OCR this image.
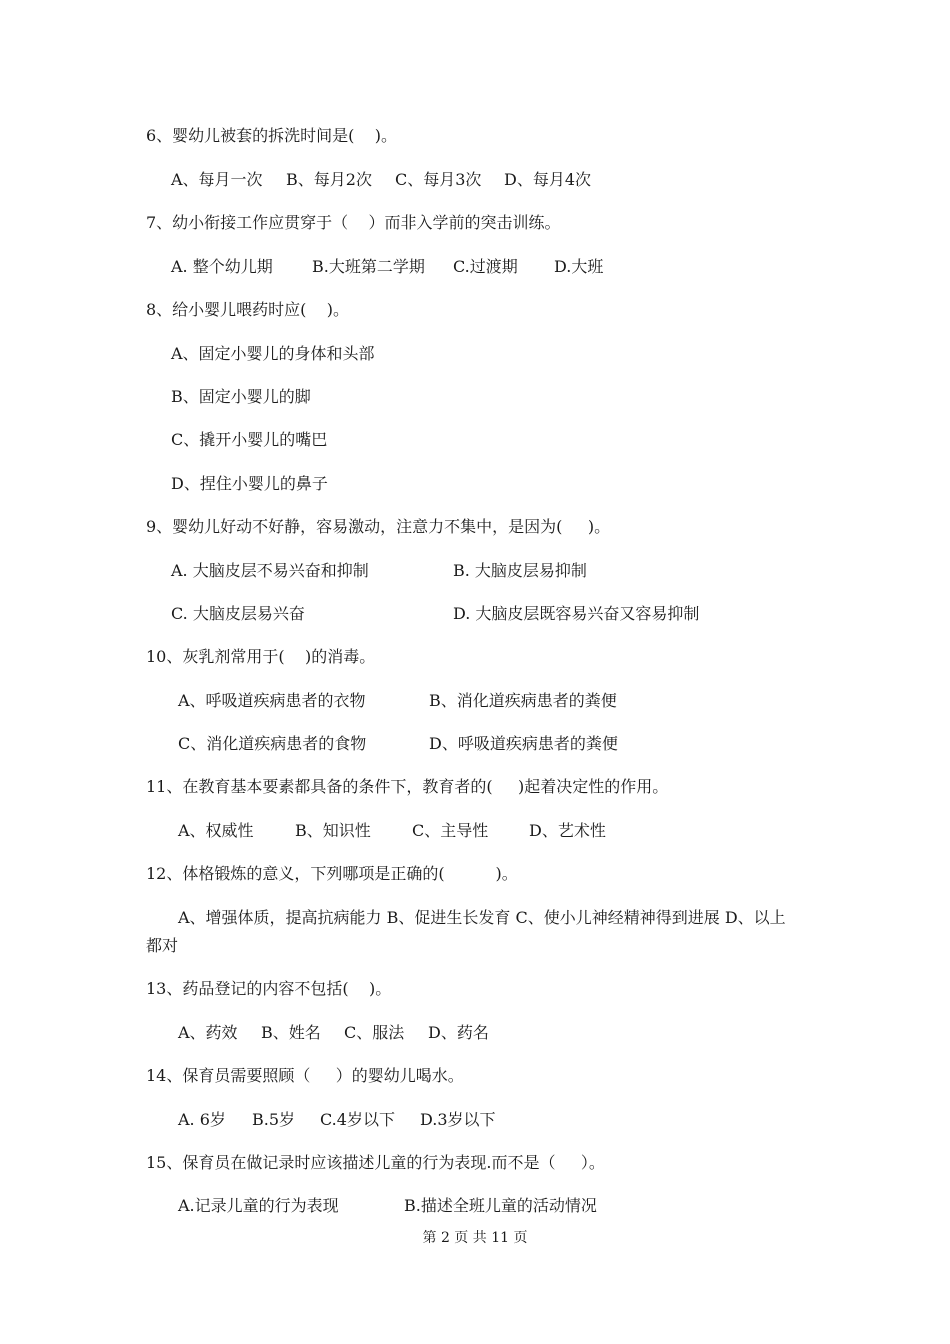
6、婴幼儿被套的拆洗时间是(    )。
A、每月一次 B、每月2次 C、每月3次 D、每月4次
7、幼小衔接工作应贯穿于（    ）而非入学前的突击训练。
A. 整个幼儿期 B.大班第二学期 C.过渡期 D.大班
8、给小婴儿喂药时应(    )。
A、固定小婴儿的身体和头部
B、固定小婴儿的脚
C、撬开小婴儿的嘴巴
D、捏住小婴儿的鼻子
9、婴幼儿好动不好静，容易激动，注意力不集中，是因为(     )。
A. 大脑皮层不易兴奋和抑制	B. 大脑皮层易抑制
C. 大脑皮层易兴奋	D. 大脑皮层既容易兴奋又容易抑制
10、灰乳剂常用于(    )的消毒。
A、呼吸道疾病患者的衣物	B、消化道疾病患者的粪便
C、消化道疾病患者的食物	D、呼吸道疾病患者的粪便
11、在教育基本要素都具备的条件下，教育者的(     )起着决定性的作用。
A、权威性	B、知识性	C、主导性	D、艺术性
12、体格锻炼的意义，下列哪项是正确的(          )。
A、增强体质，提高抗病能力 B、促进生长发育 C、使小儿神经精神得到进展 D、以上
都对
13、药品登记的内容不包括(    )。
A、药效 B、姓名 C、服法 D、药名
14、保育员需要照顾（     ）的婴幼儿喝水。
A. 6岁 B.5岁 C.4岁以下 D.3岁以下
15、保育员在做记录时应该描述儿童的行为表现.而不是（     ）。
A.记录儿童的行为表现	B.描述全班儿童的活动情况
第 2 页 共 11 页
